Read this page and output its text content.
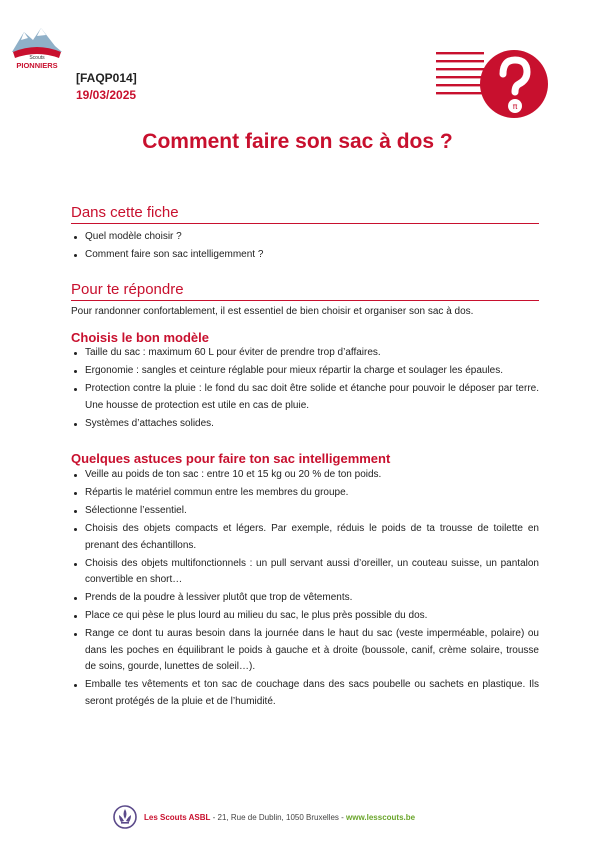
Scouts
PIONNIERS
[FAQP014]
19/03/2025
π
Comment faire son sac à dos ?
Dans cette fiche
Quel modèle choisir ?
Comment faire son sac intelligemment ?
Pour te répondre
Pour randonner confortablement, il est essentiel de bien choisir et organiser son sac à dos.
Choisis le bon modèle
Taille du sac : maximum 60 L pour éviter de prendre trop d’affaires.
Ergonomie : sangles et ceinture réglable pour mieux répartir la charge et soulager les épaules.
Protection contre la pluie : le fond du sac doit être solide et étanche pour pouvoir le déposer par terre. Une housse de protection est utile en cas de pluie.
Systèmes d’attaches solides.
Quelques astuces pour faire ton sac intelligemment
Veille au poids de ton sac : entre 10 et 15 kg ou 20 % de ton poids.
Répartis le matériel commun entre les membres du groupe.
Sélectionne l’essentiel.
Choisis des objets compacts et légers. Par exemple, réduis le poids de ta trousse de toilette en prenant des échantillons.
Choisis des objets multifonctionnels : un pull servant aussi d’oreiller, un couteau suisse, un pantalon convertible en short…
Prends de la poudre à lessiver plutôt que trop de vêtements.
Place ce qui pèse le plus lourd au milieu du sac, le plus près possible du dos.
Range ce dont tu auras besoin dans la journée dans le haut du sac (veste imperméable, polaire) ou dans les poches en équilibrant le poids à gauche et à droite (boussole, canif, crème solaire, trousse de soins, gourde, lunettes de soleil…).
Emballe tes vêtements et ton sac de couchage dans des sacs poubelle ou sachets en plastique. Ils seront protégés de la pluie et de l’humidité.
Les Scouts ASBL - 21, Rue de Dublin, 1050 Bruxelles - www.lesscouts.be
